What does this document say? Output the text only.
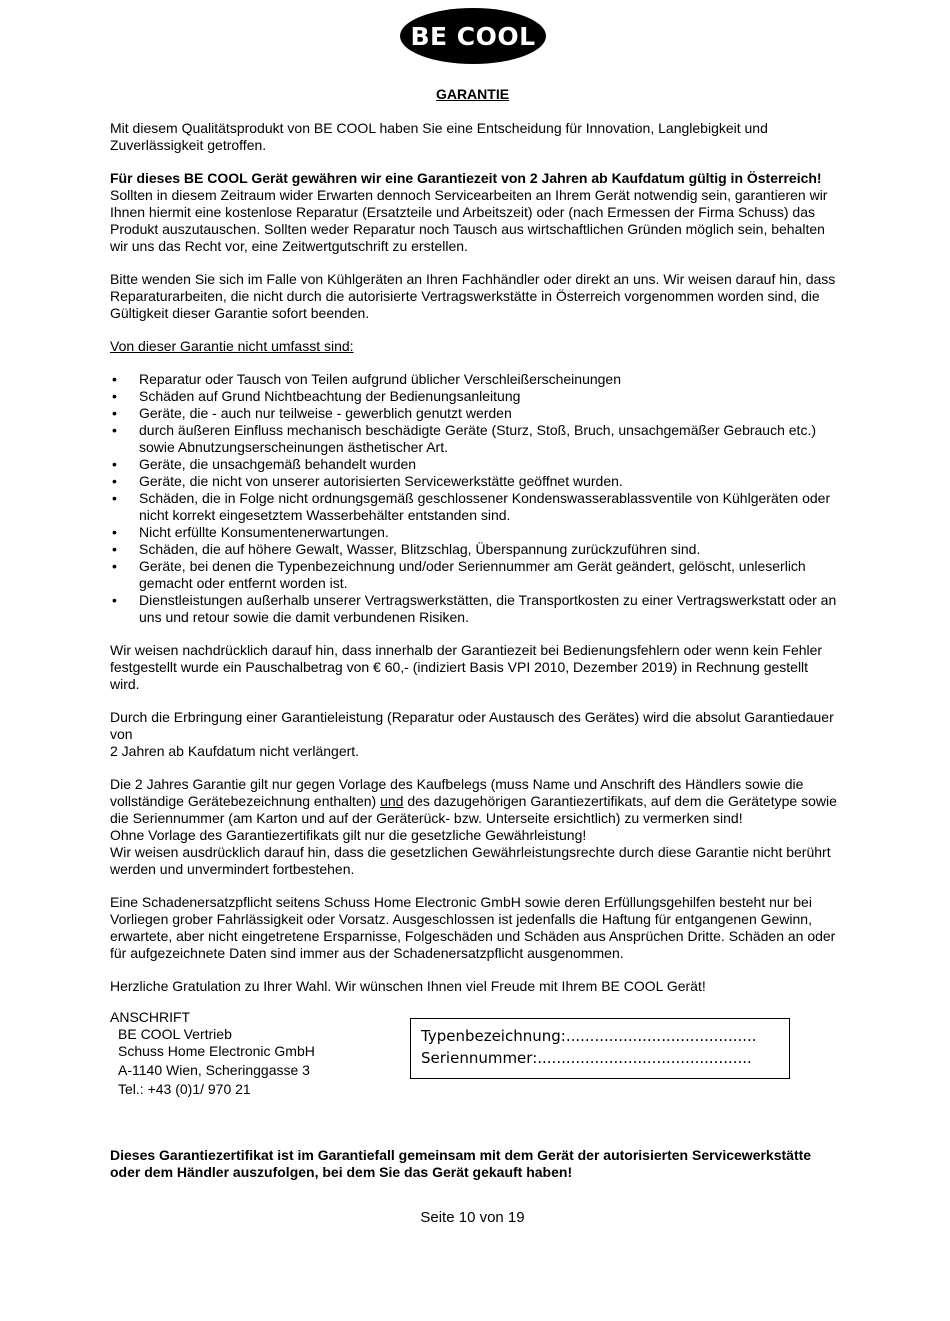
BE COOL
GARANTIE

Mit diesem Qualitätsprodukt von BE COOL haben Sie eine Entscheidung für Innovation, Langlebigkeit und Zuverlässigkeit getroffen.

Für dieses BE COOL Gerät gewähren wir eine Garantiezeit von 2 Jahren ab Kaufdatum gültig in Österreich!
Sollten in diesem Zeitraum wider Erwarten dennoch Servicearbeiten an Ihrem Gerät notwendig sein, garantieren wir Ihnen hiermit eine kostenlose Reparatur (Ersatzteile und Arbeitszeit) oder (nach Ermessen der Firma Schuss) das Produkt auszutauschen. Sollten weder Reparatur noch Tausch aus wirtschaftlichen Gründen möglich sein, behalten wir uns das Recht vor, eine Zeitwertgutschrift zu erstellen.

Bitte wenden Sie sich im Falle von Kühlgeräten an Ihren Fachhändler oder direkt an uns. Wir weisen darauf hin, dass Reparaturarbeiten, die nicht durch die autorisierte Vertragswerkstätte in Österreich vorgenommen worden sind, die Gültigkeit dieser Garantie sofort beenden.

Von dieser Garantie nicht umfasst sind:

• Reparatur oder Tausch von Teilen aufgrund üblicher Verschleißerscheinungen
• Schäden auf Grund Nichtbeachtung der Bedienungsanleitung
• Geräte, die - auch nur teilweise - gewerblich genutzt werden
• durch äußeren Einfluss mechanisch beschädigte Geräte (Sturz, Stoß, Bruch, unsachgemäßer Gebrauch etc.) sowie Abnutzungserscheinungen ästhetischer Art.
• Geräte, die unsachgemäß behandelt wurden
• Geräte, die nicht von unserer autorisierten Servicewerkstätte geöffnet wurden.
• Schäden, die in Folge nicht ordnungsgemäß geschlossener Kondenswasserablassventile von Kühlgeräten oder nicht korrekt eingesetztem Wasserbehälter entstanden sind.
• Nicht erfüllte Konsumentenerwartungen.
• Schäden, die auf höhere Gewalt, Wasser, Blitzschlag, Überspannung zurückzuführen sind.
• Geräte, bei denen die Typenbezeichnung und/oder Seriennummer am Gerät geändert, gelöscht, unleserlich gemacht oder entfernt worden ist.
• Dienstleistungen außerhalb unserer Vertragswerkstätten, die Transportkosten zu einer Vertragswerkstatt oder an uns und retour sowie die damit verbundenen Risiken.

Wir weisen nachdrücklich darauf hin, dass innerhalb der Garantiezeit bei Bedienungsfehlern oder wenn kein Fehler festgestellt wurde ein Pauschalbetrag von € 60,- (indiziert Basis VPI 2010, Dezember 2019) in Rechnung gestellt wird.

Durch die Erbringung einer Garantieleistung (Reparatur oder Austausch des Gerätes) wird die absolut Garantiedauer von
2 Jahren ab Kaufdatum nicht verlängert.

Die 2 Jahres Garantie gilt nur gegen Vorlage des Kaufbelegs (muss Name und Anschrift des Händlers sowie die vollständige Gerätebezeichnung enthalten) und des dazugehörigen Garantiezertifikats, auf dem die Gerätetype sowie die Seriennummer (am Karton und auf der Geräterück- bzw. Unterseite ersichtlich) zu vermerken sind!
Ohne Vorlage des Garantiezertifikats gilt nur die gesetzliche Gewährleistung!
Wir weisen ausdrücklich darauf hin, dass die gesetzlichen Gewährleistungsrechte durch diese Garantie nicht berührt werden und unvermindert fortbestehen.

Eine Schadenersatzpflicht seitens Schuss Home Electronic GmbH sowie deren Erfüllungsgehilfen besteht nur bei Vorliegen grober Fahrlässigkeit oder Vorsatz. Ausgeschlossen ist jedenfalls die Haftung für entgangenen Gewinn, erwartete, aber nicht eingetretene Ersparnisse, Folgeschäden und Schäden aus Ansprüchen Dritte. Schäden an oder für aufgezeichnete Daten sind immer aus der Schadenersatzpflicht ausgenommen.

Herzliche Gratulation zu Ihrer Wahl. Wir wünschen Ihnen viel Freude mit Ihrem BE COOL Gerät!

ANSCHRIFT

BE COOL Vertrieb

Schuss Home Electronic GmbH

A-1140 Wien, Scheringgasse 3

Tel.: +43 (0)1/ 970 21

Typenbezeichnung:........................................
Seriennummer:.............................................
Dieses Garantiezertifikat ist im Garantiefall gemeinsam mit dem Gerät der autorisierten Servicewerkstätte oder dem Händler auszufolgen, bei dem Sie das Gerät gekauft haben!
Seite 10 von 19
